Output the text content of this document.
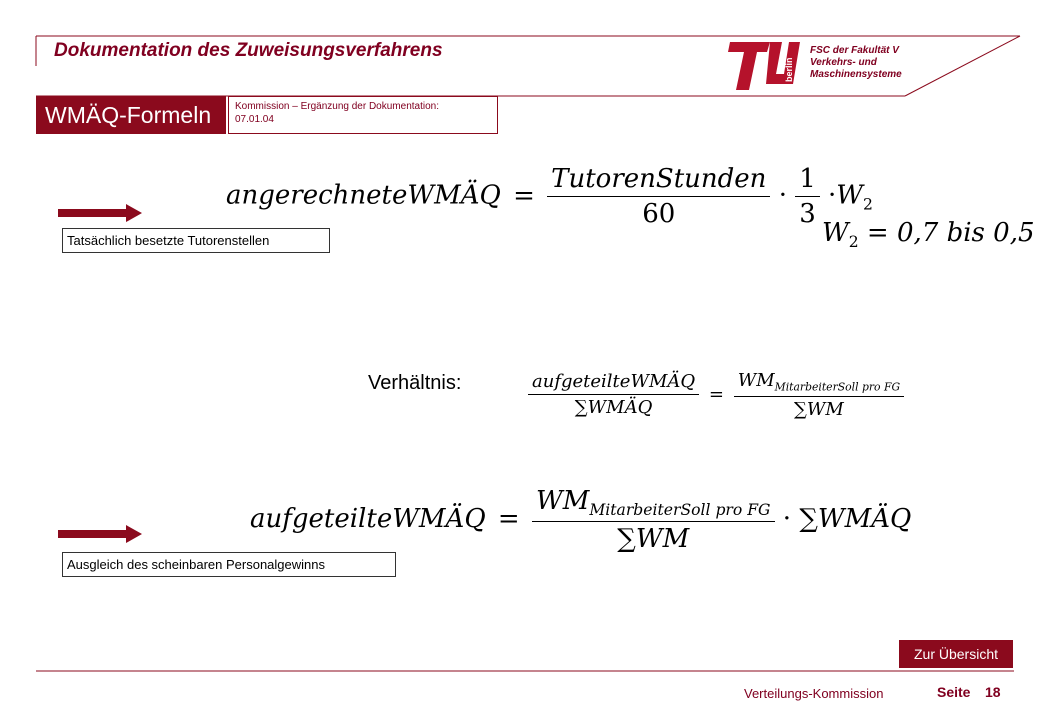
Dokumentation des Zuweisungsverfahrens
berlin
FSC der Fakultät V
Verkehrs- und
Maschinensysteme
WMÄQ-Formeln	Kommission – Ergänzung der Dokumentation:
07.01.04
angerechneteWMÄQ = $\frac{\text{TutorenStunden}}{60} \cdot \frac{1}{3} \cdot W_2$
Tatsächlich besetzte Tutorenstellen	$W_2 = 0,7$ bis 0,5
Verhältnis:	$\frac{\text{aufgeteilteWMÄQ}}{\text{∑WMÄQ}} = \frac{WM_{MitarbeiterSoll pro FG}}{\sum WM}$
aufgeteilteWMÄQ = $\frac{WM_{MitarbeiterSoll pro FG}}{\sum WM}$ · ∑WMÄQ
Ausgleich des scheinbaren Personalgewinns
Zur Übersicht
Verteilungs-Kommission	Seite 18
